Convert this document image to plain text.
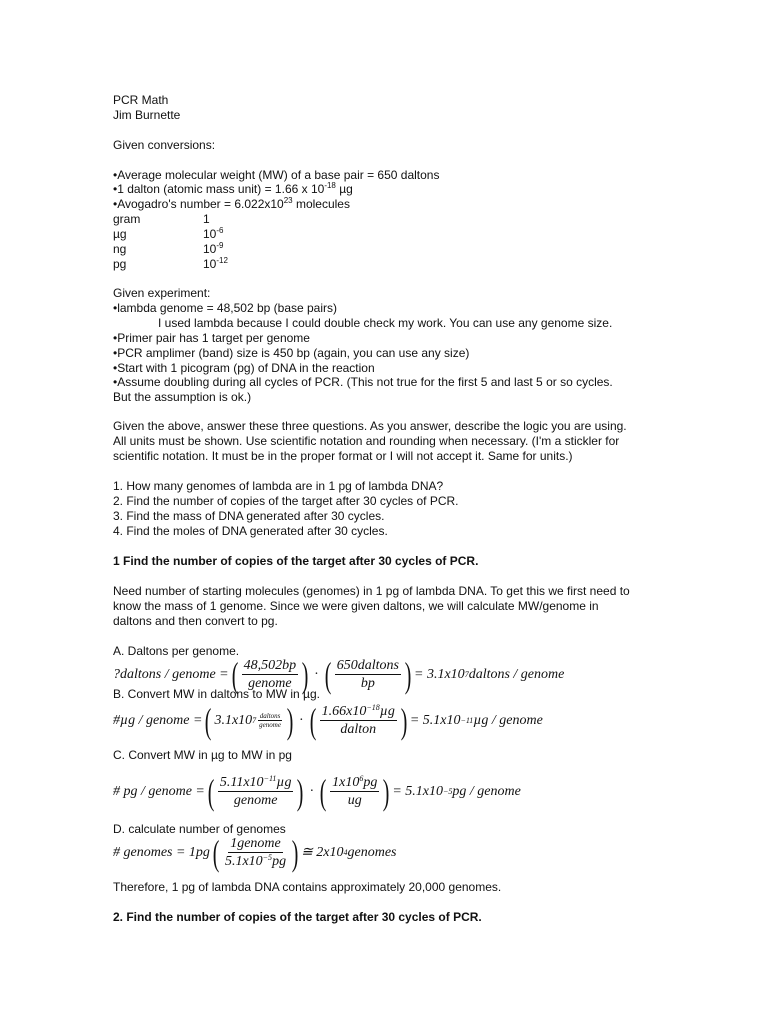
PCR Math
Jim Burnette
Given conversions:
•Average molecular weight (MW) of a base pair = 650 daltons
•1 dalton (atomic mass unit) = 1.66 x $10^{-18}$ µg
•Avogadro's number = $6.022x10^{23}$ molecules
gram	1
µg	$10^{-6}$
ng	$10^{-9}$
pg	$10^{-12}$
Given experiment:
•lambda genome = 48,502 bp (base pairs)
I used lambda because I could double check my work. You can use any genome size.
•Primer pair has 1 target per genome
•PCR amplimer (band) size is 450 bp (again, you can use any size)
•Start with 1 picogram (pg) of DNA in the reaction
•Assume doubling during all cycles of PCR. (This not true for the first 5 and last 5 or so cycles.
But the assumption is ok.)
Given the above, answer these three questions. As you answer, describe the logic you are using.
All units must be shown. Use scientific notation and rounding when necessary. (I'm a stickler for
scientific notation. It must be in the proper format or I will not accept it. Same for units.)
1. How many genomes of lambda are in 1 pg of lambda DNA?
2. Find the number of copies of the target after 30 cycles of PCR.
3. Find the mass of DNA generated after 30 cycles.
4. Find the moles of DNA generated after 30 cycles.
1 Find the number of copies of the target after 30 cycles of PCR.
Need number of starting molecules (genomes) in 1 pg of lambda DNA. To get this we first need to
know the mass of 1 genome. Since we were given daltons, we will calculate MW/genome in
daltons and then convert to pg.
A. Daltons per genome.
?daltons / genome = ( $\frac{48,502bp}{\text{genome}}$ ) · ( $\frac{\text{650daltons}}{bp}$ ) = 3.1x10 7 daltons / genome
B. Convert MW in daltons to MW in µg.
#µg / genome = ( 3.1x10 $7 \frac{\text{daltons}}{\text{genome}}$ ) · ( $\frac{1.66x10^{-18}\mu g}{\text{dalton}}$ ) = 5.1x10 −11 µg / genome
C. Convert MW in µg to MW in pg
# pg / genome = ( $\frac{5.11x10^{-11}\mu g}{\text{genome}}$ ) · ( $\frac{1x10^6pg}{ug}$ ) = 5.1x10 −5 pg / genome
D. calculate number of genomes
# genomes = 1pg ( $\frac{\text{1genome}}{5.1x10^{-5}pg}$ ) ≅ 2x10 4 genomes
Therefore, 1 pg of lambda DNA contains approximately 20,000 genomes.
2. Find the number of copies of the target after 30 cycles of PCR.
